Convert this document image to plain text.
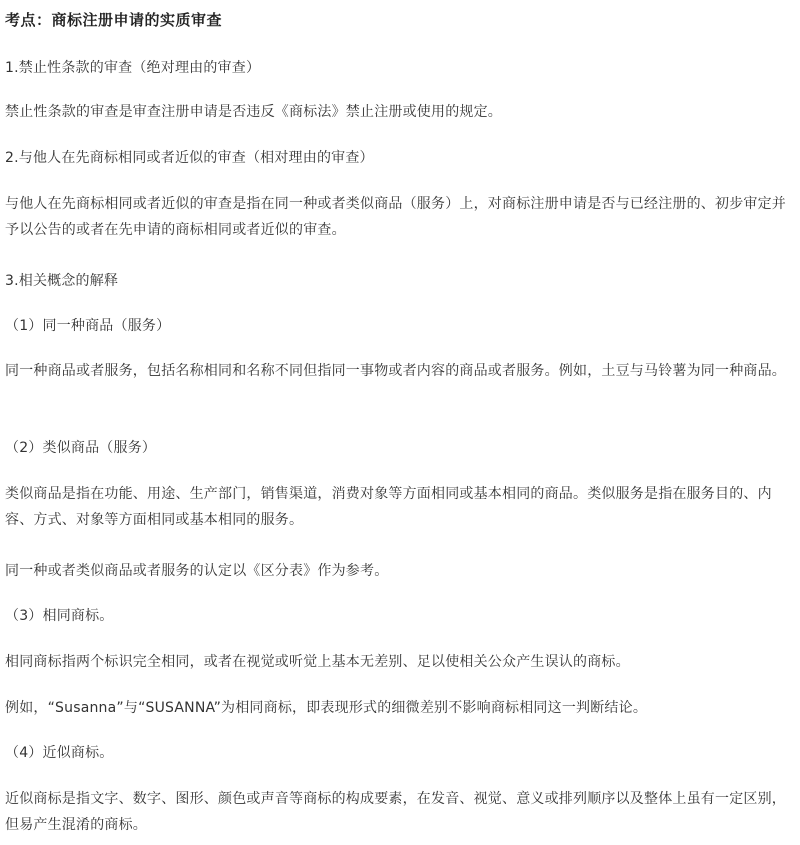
考点：商标注册申请的实质审查

1.禁止性条款的审查（绝对理由的审查）

禁止性条款的审查是审查注册申请是否违反《商标法》禁止注册或使用的规定。

2.与他人在先商标相同或者近似的审查（相对理由的审查）

与他人在先商标相同或者近似的审查是指在同一种或者类似商品（服务）上，对商标注册申请是否与已经注册的、初步审定并予以公告的或者在先申请的商标相同或者近似的审查。

3.相关概念的解释

（1）同一种商品（服务）

同一种商品或者服务，包括名称相同和名称不同但指同一事物或者内容的商品或者服务。例如，土豆与马铃薯为同一种商品。

（2）类似商品（服务）

类似商品是指在功能、用途、生产部门，销售渠道，消费对象等方面相同或基本相同的商品。类似服务是指在服务目的、内容、方式、对象等方面相同或基本相同的服务。

同一种或者类似商品或者服务的认定以《区分表》作为参考。

（3）相同商标。

相同商标指两个标识完全相同，或者在视觉或听觉上基本无差别、足以使相关公众产生误认的商标。

例如，“Susanna”与“SUSANNA”为相同商标，即表现形式的细微差别不影响商标相同这一判断结论。

（4）近似商标。

近似商标是指文字、数字、图形、颜色或声音等商标的构成要素，在发音、视觉、意义或排列顺序以及整体上虽有一定区别，但易产生混淆的商标。
